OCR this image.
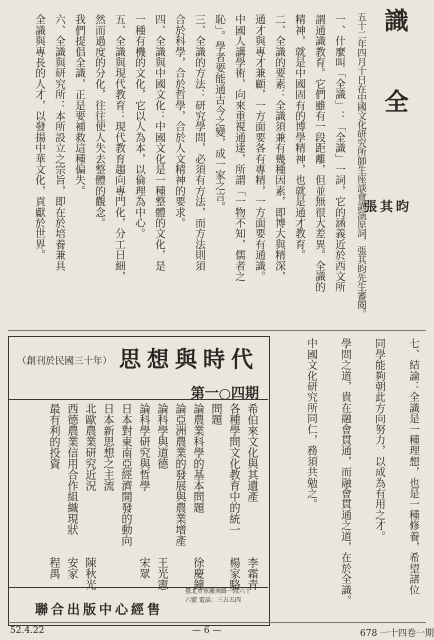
識 全
五十二年四月十日在中國文化研究所師生座談會講演原詞，張其昀先生審閱。
張其昀
一、什麼叫「全識」：「全識」一詞，它的涵義近於西文所
謂通識教育。它們雖有一段距離，但並無很大差異。全識的
精神，就是中國固有的博學精神，也就是通才教育。
二、全識的要素：全識須兼有幾種因素，即博大與精深，
通才與專才兼顧，一方面要各有專精，一方面要有通識。
中國人講學術，向來重視通達，所謂「一物不知，儒者之
恥」。學者要能通古今之變，成一家之言。
三、全識的方法：研究學問，必須有方法，而方法則須
合於科學，合於哲學，合於人文精神的要求。
四、全識與中國文化：中國文化是一種整體的文化，是
一種有機的文化，它以人為本，以倫理為中心。
五、全識與現代教育：現代教育趨向專門化，分工日細，
然而過度的分化，往往使人失去整體的觀念。
我們提倡全識，正是要補救這種偏失。
六、全識與研究所：本所設立之宗旨，即在於培養兼具
全識與專長的人才，以發揚中華文化，貢獻於世界。
七、結論：全識是一種理想，也是一種修養，希望諸位
同學能夠朝此方向努力，以成為有用之才。
學問之道，貴在融會貫通，而融會貫通之道，在於全識。
中國文化研究所同仁，務須共勉之。
思想與時代
（創刊於民國三十年）
第一○四期
希伯來文化與其遺產
李霜青
各種學問文化教育中的統一
楊家駱
問題
論農業科學的基本問題
徐慶鐘
論亞洲農業的發展與農業增產
論科學與道德
王光憲
論科學研究與哲學
宋眾
日本對東南亞經濟開發的動向
日本新思想之主流
北歐農業研究近況
陳秋光
西德農業信用合作組織現狀
安家
最有利的投資
程禺
聯合出版中心經售
臺北市重慶南路一段六十六號 電話：三五五四
52.4.22	— 6 —	678 一十四卷一期
